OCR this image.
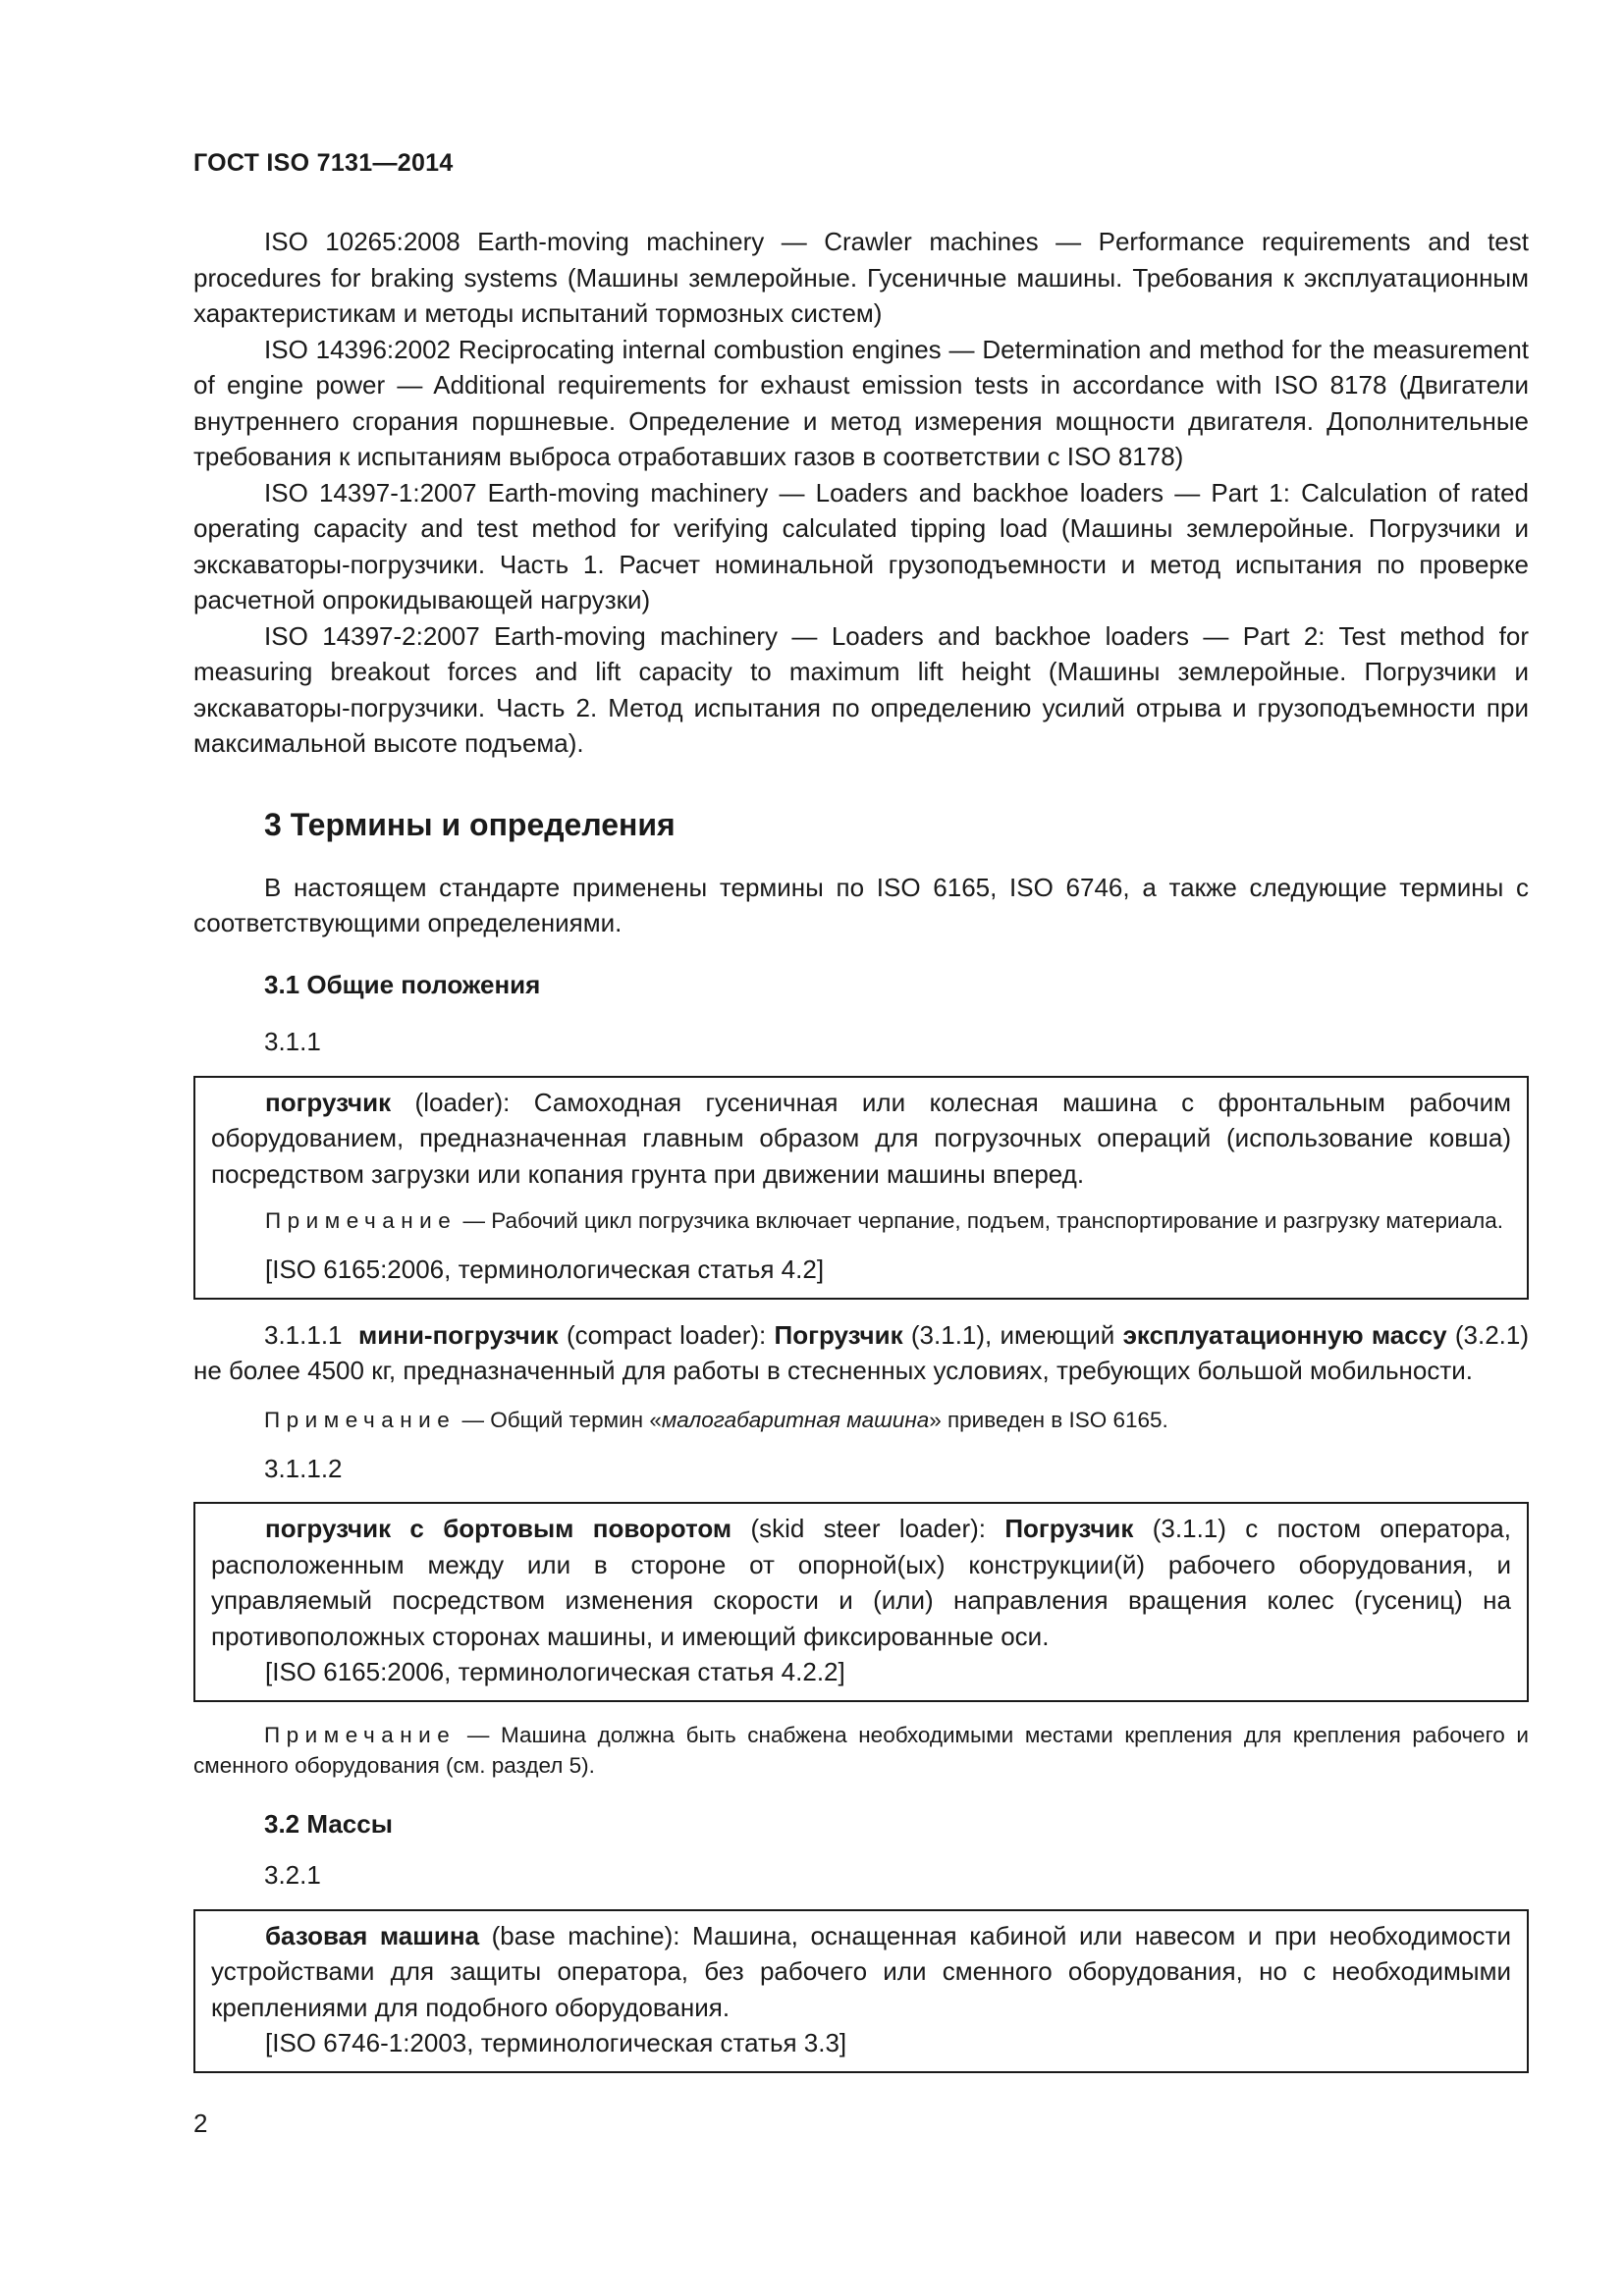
ГОСТ ISO 7131—2014

ISO 10265:2008 Earth-moving machinery — Crawler machines — Performance requirements and test procedures for braking systems (Машины землеройные. Гусеничные машины. Требования к эксплуатационным характеристикам и методы испытаний тормозных систем)

ISO 14396:2002 Reciprocating internal combustion engines — Determination and method for the measurement of engine power — Additional requirements for exhaust emission tests in accordance with ISO 8178 (Двигатели внутреннего сгорания поршневые. Определение и метод измерения мощности двигателя. Дополнительные требования к испытаниям выброса отработавших газов в соответствии с ISO 8178)

ISO 14397-1:2007 Earth-moving machinery — Loaders and backhoe loaders — Part 1: Calculation of rated operating capacity and test method for verifying calculated tipping load (Машины землеройные. Погрузчики и экскаваторы-погрузчики. Часть 1. Расчет номинальной грузоподъемности и метод испытания по проверке расчетной опрокидывающей нагрузки)

ISO 14397-2:2007 Earth-moving machinery — Loaders and backhoe loaders — Part 2: Test method for measuring breakout forces and lift capacity to maximum lift height (Машины землеройные. Погрузчики и экскаваторы-погрузчики. Часть 2. Метод испытания по определению усилий отрыва и грузоподъемности при максимальной высоте подъема).

3 Термины и определения

В настоящем стандарте применены термины по ISO 6165, ISO 6746, а также следующие термины с соответствующими определениями.

3.1 Общие положения

3.1.1

погрузчик (loader): Самоходная гусеничная или колесная машина с фронтальным рабочим оборудованием, предназначенная главным образом для погрузочных операций (использование ковша) посредством загрузки или копания грунта при движении машины вперед.

Примечание — Рабочий цикл погрузчика включает черпание, подъем, транспортирование и разгрузку материала.

[ISO 6165:2006, терминологическая статья 4.2]

3.1.1.1 мини-погрузчик (compact loader): Погрузчик (3.1.1), имеющий эксплуатационную массу (3.2.1) не более 4500 кг, предназначенный для работы в стесненных условиях, требующих большой мобильности.

Примечание — Общий термин «малогабаритная машина» приведен в ISO 6165.

3.1.1.2

погрузчик с бортовым поворотом (skid steer loader): Погрузчик (3.1.1) с постом оператора, расположенным между или в стороне от опорной(ых) конструкции(й) рабочего оборудования, и управляемый посредством изменения скорости и (или) направления вращения колес (гусениц) на противоположных сторонах машины, и имеющий фиксированные оси.

[ISO 6165:2006, терминологическая статья 4.2.2]

Примечание — Машина должна быть снабжена необходимыми местами крепления для крепления рабочего и сменного оборудования (см. раздел 5).

3.2 Массы

3.2.1

базовая машина (base machine): Машина, оснащенная кабиной или навесом и при необходимости устройствами для защиты оператора, без рабочего или сменного оборудования, но с необходимыми креплениями для подобного оборудования.

[ISO 6746-1:2003, терминологическая статья 3.3]

2
